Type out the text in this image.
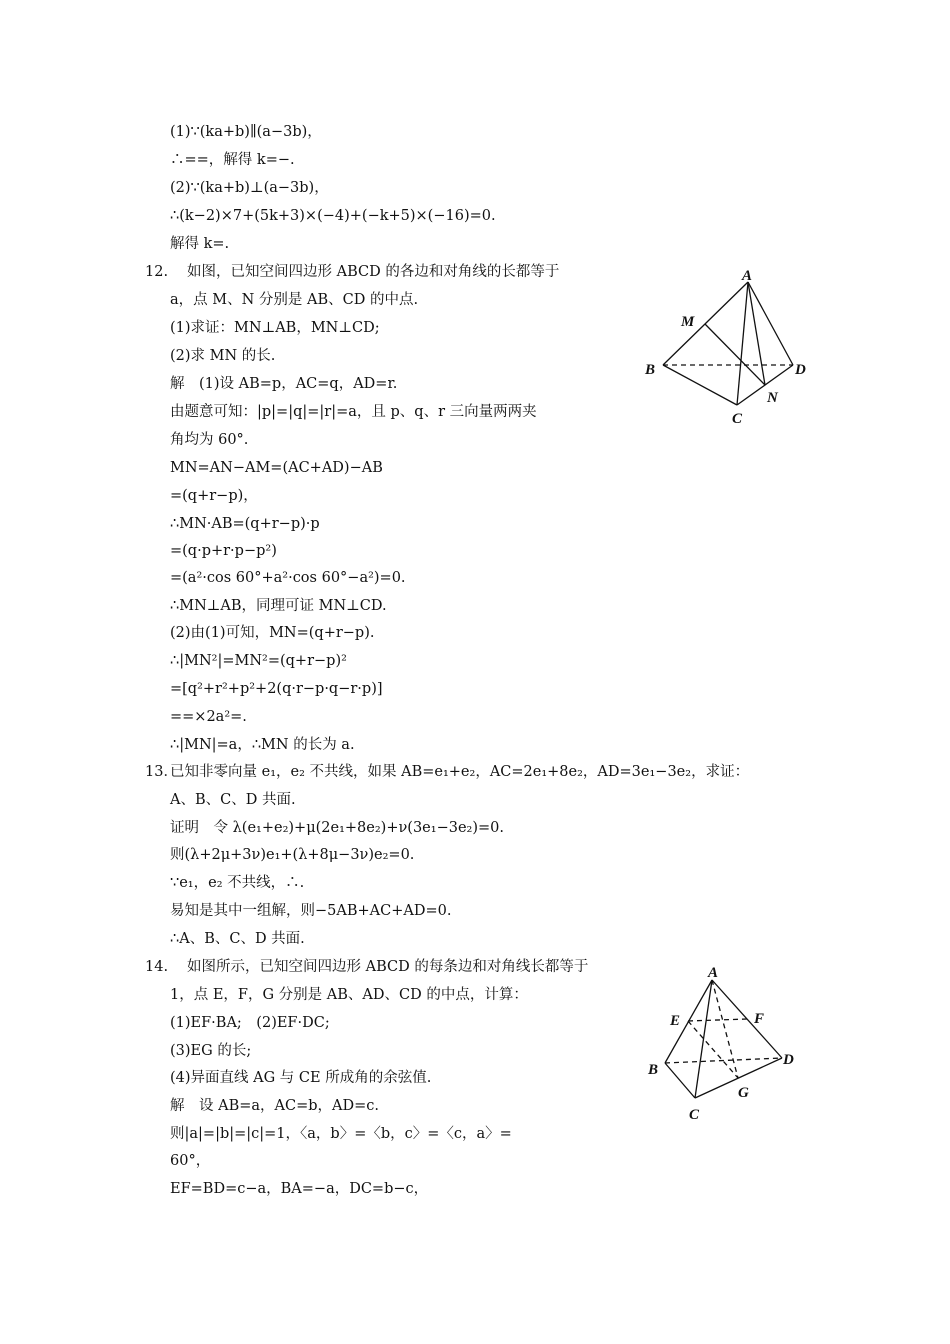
12.
13．
14.
(1)∵(ka+b)∥(a−3b)，
∴==，解得 k=−.
(2)∵(ka+b)⊥(a−3b)，
∴(k−2)×7+(5k+3)×(−4)+(−k+5)×(−16)=0.
解得 k=.
如图，已知空间四边形 ABCD 的各边和对角线的长都等于
a，点 M、N 分别是 AB、CD 的中点.
(1)求证：MN⊥AB，MN⊥CD;
(2)求 MN 的长.
解　(1)设 AB=p，AC=q，AD=r.
由题意可知：|p|=|q|=|r|=a，且 p、q、r 三向量两两夹
角均为 60°.
MN=AN−AM=(AC+AD)−AB
=(q+r−p)，
∴MN·AB=(q+r−p)·p
=(q·p+r·p−p²)
=(a²·cos 60°+a²·cos 60°−a²)=0.
∴MN⊥AB，同理可证 MN⊥CD.
(2)由(1)可知，MN=(q+r−p).
∴|MN²|=MN²=(q+r−p)²
=[q²+r²+p²+2(q·r−p·q−r·p)]
==×2a²=.
∴|MN|=a，∴MN 的长为 a.
已知非零向量 e₁，e₂ 不共线，如果 AB=e₁+e₂，AC=2e₁+8e₂，AD=3e₁−3e₂，求证：
A、B、C、D 共面.
证明　令 λ(e₁+e₂)+μ(2e₁+8e₂)+ν(3e₁−3e₂)=0.
则(λ+2μ+3ν)e₁+(λ+8μ−3ν)e₂=0.
∵e₁，e₂ 不共线，∴.
易知是其中一组解，则−5AB+AC+AD=0.
∴A、B、C、D 共面.
如图所示，已知空间四边形 ABCD 的每条边和对角线长都等于
1，点 E，F，G 分别是 AB、AD、CD 的中点，计算：
(1)EF·BA;　(2)EF·DC;
(3)EG 的长;
(4)异面直线 AG 与 CE 所成角的余弦值.
解　设 AB=a，AC=b，AD=c.
则|a|=|b|=|c|=1，〈a，b〉=〈b，c〉=〈c，a〉=
60°，
EF=BD=c−a，BA=−a，DC=b−c，
A
M
B	D
N
C
A
E	F
B
D
G
C
